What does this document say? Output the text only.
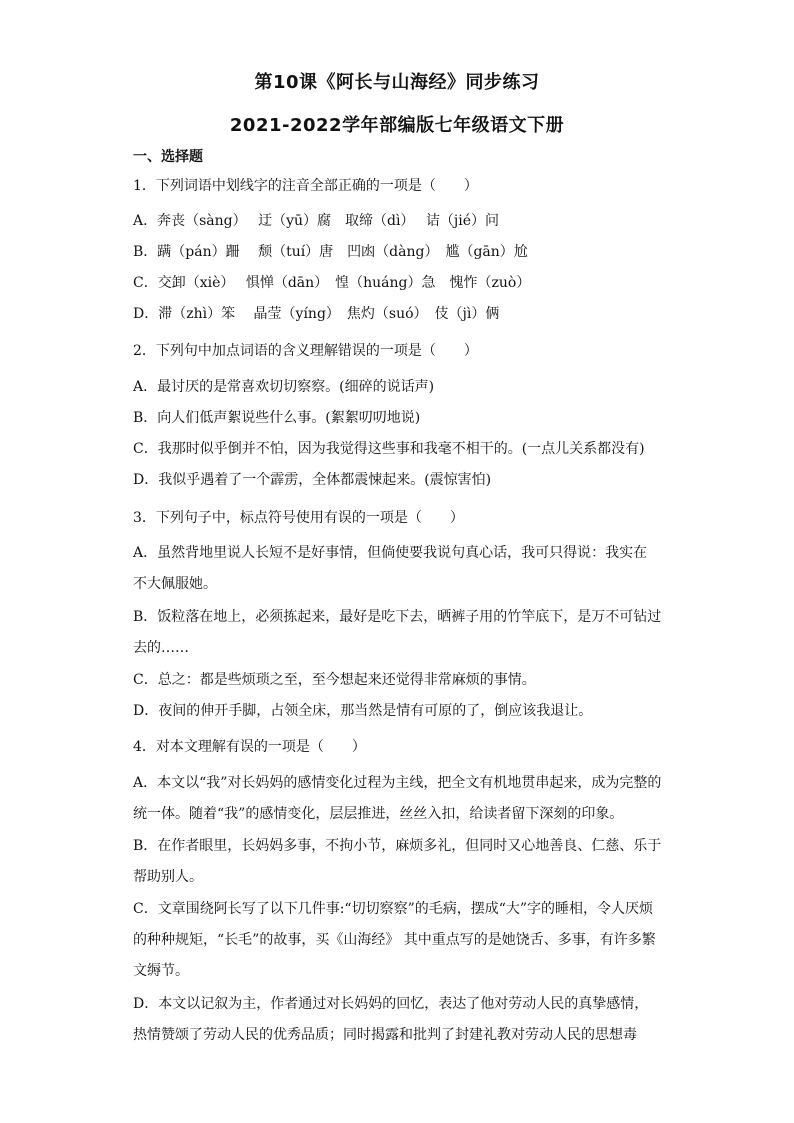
第10课《阿长与山海经》同步练习
2021-2022学年部编版七年级语文下册
一、选择题
1．下列词语中划线字的注音全部正确的一项是（　　）
A．奔丧（sàng）　 迂（yū）腐　取缔（dì）　 诘（jié）问
B．蹒（pán）跚　 颓（tuí）唐　凹凼（dàng）　尴（gān）尬
C．交卸（xiè）　 惧惮（dān）　惶（huáng）急　愧怍（zuò）
D．滞（zhì）笨　 晶莹（yíng）　焦灼（suó）　伎（jì）俩
2．下列句中加点词语的含义理解错误的一项是（　　）
A．最讨厌的是常喜欢切切察察。(细碎的说话声)
B．向人们低声絮说些什么事。(絮絮叨叨地说)
C．我那时似乎倒并不怕，因为我觉得这些事和我毫不相干的。(一点儿关系都没有)
D．我似乎遇着了一个霹雳，全体都震悚起来。(震惊害怕)
3．下列句子中，标点符号使用有误的一项是（　　）
A．虽然背地里说人长短不是好事情，但倘使要我说句真心话，我可只得说：我实在
不大佩服她。
B．饭粒落在地上，必须拣起来，最好是吃下去，晒裤子用的竹竿底下，是万不可钻过
去的……
C．总之：都是些烦琐之至，至今想起来还觉得非常麻烦的事情。
D．夜间的伸开手脚，占领全床，那当然是情有可原的了，倒应该我退让。
4．对本文理解有误的一项是（　　）
A．本文以“我”对长妈妈的感情变化过程为主线，把全文有机地贯串起来，成为完整的
统一体。随着“我”的感情变化，层层推进，丝丝入扣，给读者留下深刻的印象。
B．在作者眼里，长妈妈多事，不拘小节，麻烦多礼，但同时又心地善良、仁慈、乐于
帮助别人。
C．文章围绕阿长写了以下几件事:“切切察察”的毛病，摆成“大”字的睡相，令人厌烦
的种种规矩，“长毛”的故事，买《山海经》 其中重点写的是她饶舌、多事，有许多繁
文缛节。
D．本文以记叙为主，作者通过对长妈妈的回忆，表达了他对劳动人民的真挚感情，
热情赞颂了劳动人民的优秀品质；同时揭露和批判了封建礼教对劳动人民的思想毒
